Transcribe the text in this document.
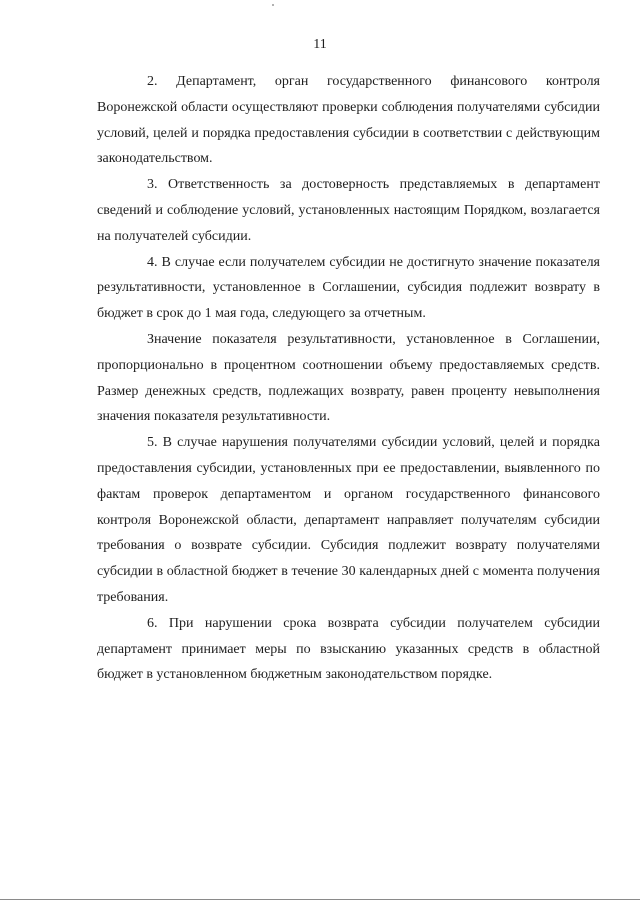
11

2. Департамент, орган государственного финансового контроля Воронежской области осуществляют проверки соблюдения получателями субсидии условий, целей и порядка предоставления субсидии в соответствии с действующим законодательством.

3. Ответственность за достоверность представляемых в департамент сведений и соблюдение условий, установленных настоящим Порядком, возлагается на получателей субсидии.

4. В случае если получателем субсидии не достигнуто значение показателя результативности, установленное в Соглашении, субсидия подлежит возврату в бюджет в срок до 1 мая года, следующего за отчетным.

Значение показателя результативности, установленное в Соглашении, пропорционально в процентном соотношении объему предоставляемых средств. Размер денежных средств, подлежащих возврату, равен проценту невыполнения значения показателя результативности.

5. В случае нарушения получателями субсидии условий, целей и порядка предоставления субсидии, установленных при ее предоставлении, выявленного по фактам проверок департаментом и органом государственного финансового контроля Воронежской области, департамент направляет получателям субсидии требования о возврате субсидии. Субсидия подлежит возврату получателями субсидии в областной бюджет в течение 30 календарных дней с момента получения требования.

6. При нарушении срока возврата субсидии получателем субсидии департамент принимает меры по взысканию указанных средств в областной бюджет в установленном бюджетным законодательством порядке.
